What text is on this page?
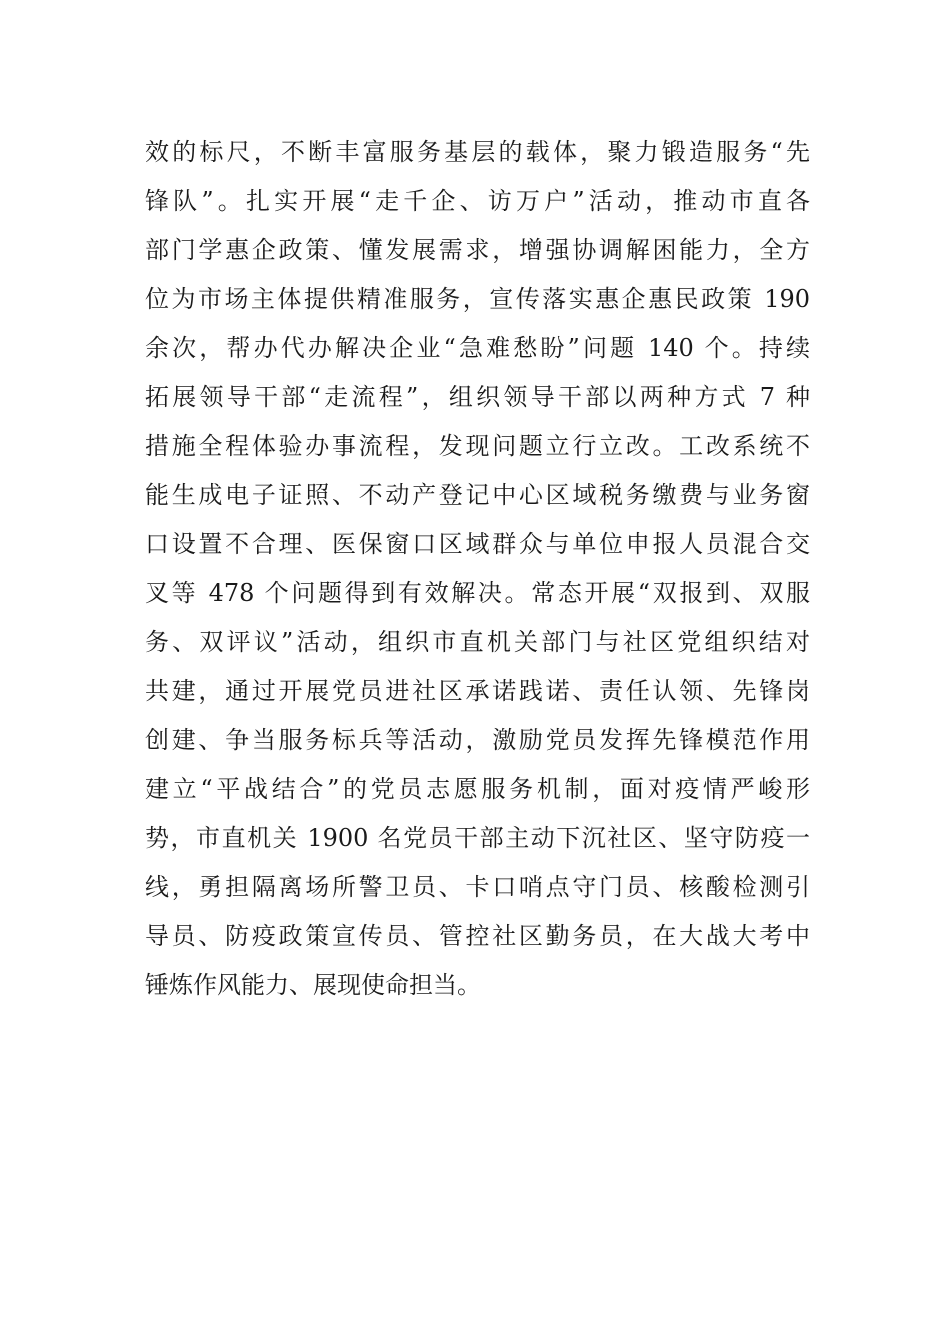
效的标尺，不断丰富服务基层的载体，聚力锻造服务“先
锋队”。扎实开展“走千企、访万户”活动，推动市直各
部门学惠企政策、懂发展需求，增强协调解困能力，全方
位为市场主体提供精准服务，宣传落实惠企惠民政策 190
余次，帮办代办解决企业“急难愁盼”问题 140 个。持续
拓展领导干部“走流程”，组织领导干部以两种方式 7 种
措施全程体验办事流程，发现问题立行立改。工改系统不
能生成电子证照、不动产登记中心区域税务缴费与业务窗
口设置不合理、医保窗口区域群众与单位申报人员混合交
叉等 478 个问题得到有效解决。常态开展“双报到、双服
务、双评议”活动，组织市直机关部门与社区党组织结对
共建，通过开展党员进社区承诺践诺、责任认领、先锋岗
创建、争当服务标兵等活动，激励党员发挥先锋模范作用
建立“平战结合”的党员志愿服务机制，面对疫情严峻形
势，市直机关 1900 名党员干部主动下沉社区、坚守防疫一
线，勇担隔离场所警卫员、卡口哨点守门员、核酸检测引
导员、防疫政策宣传员、管控社区勤务员，在大战大考中
锤炼作风能力、展现使命担当。
